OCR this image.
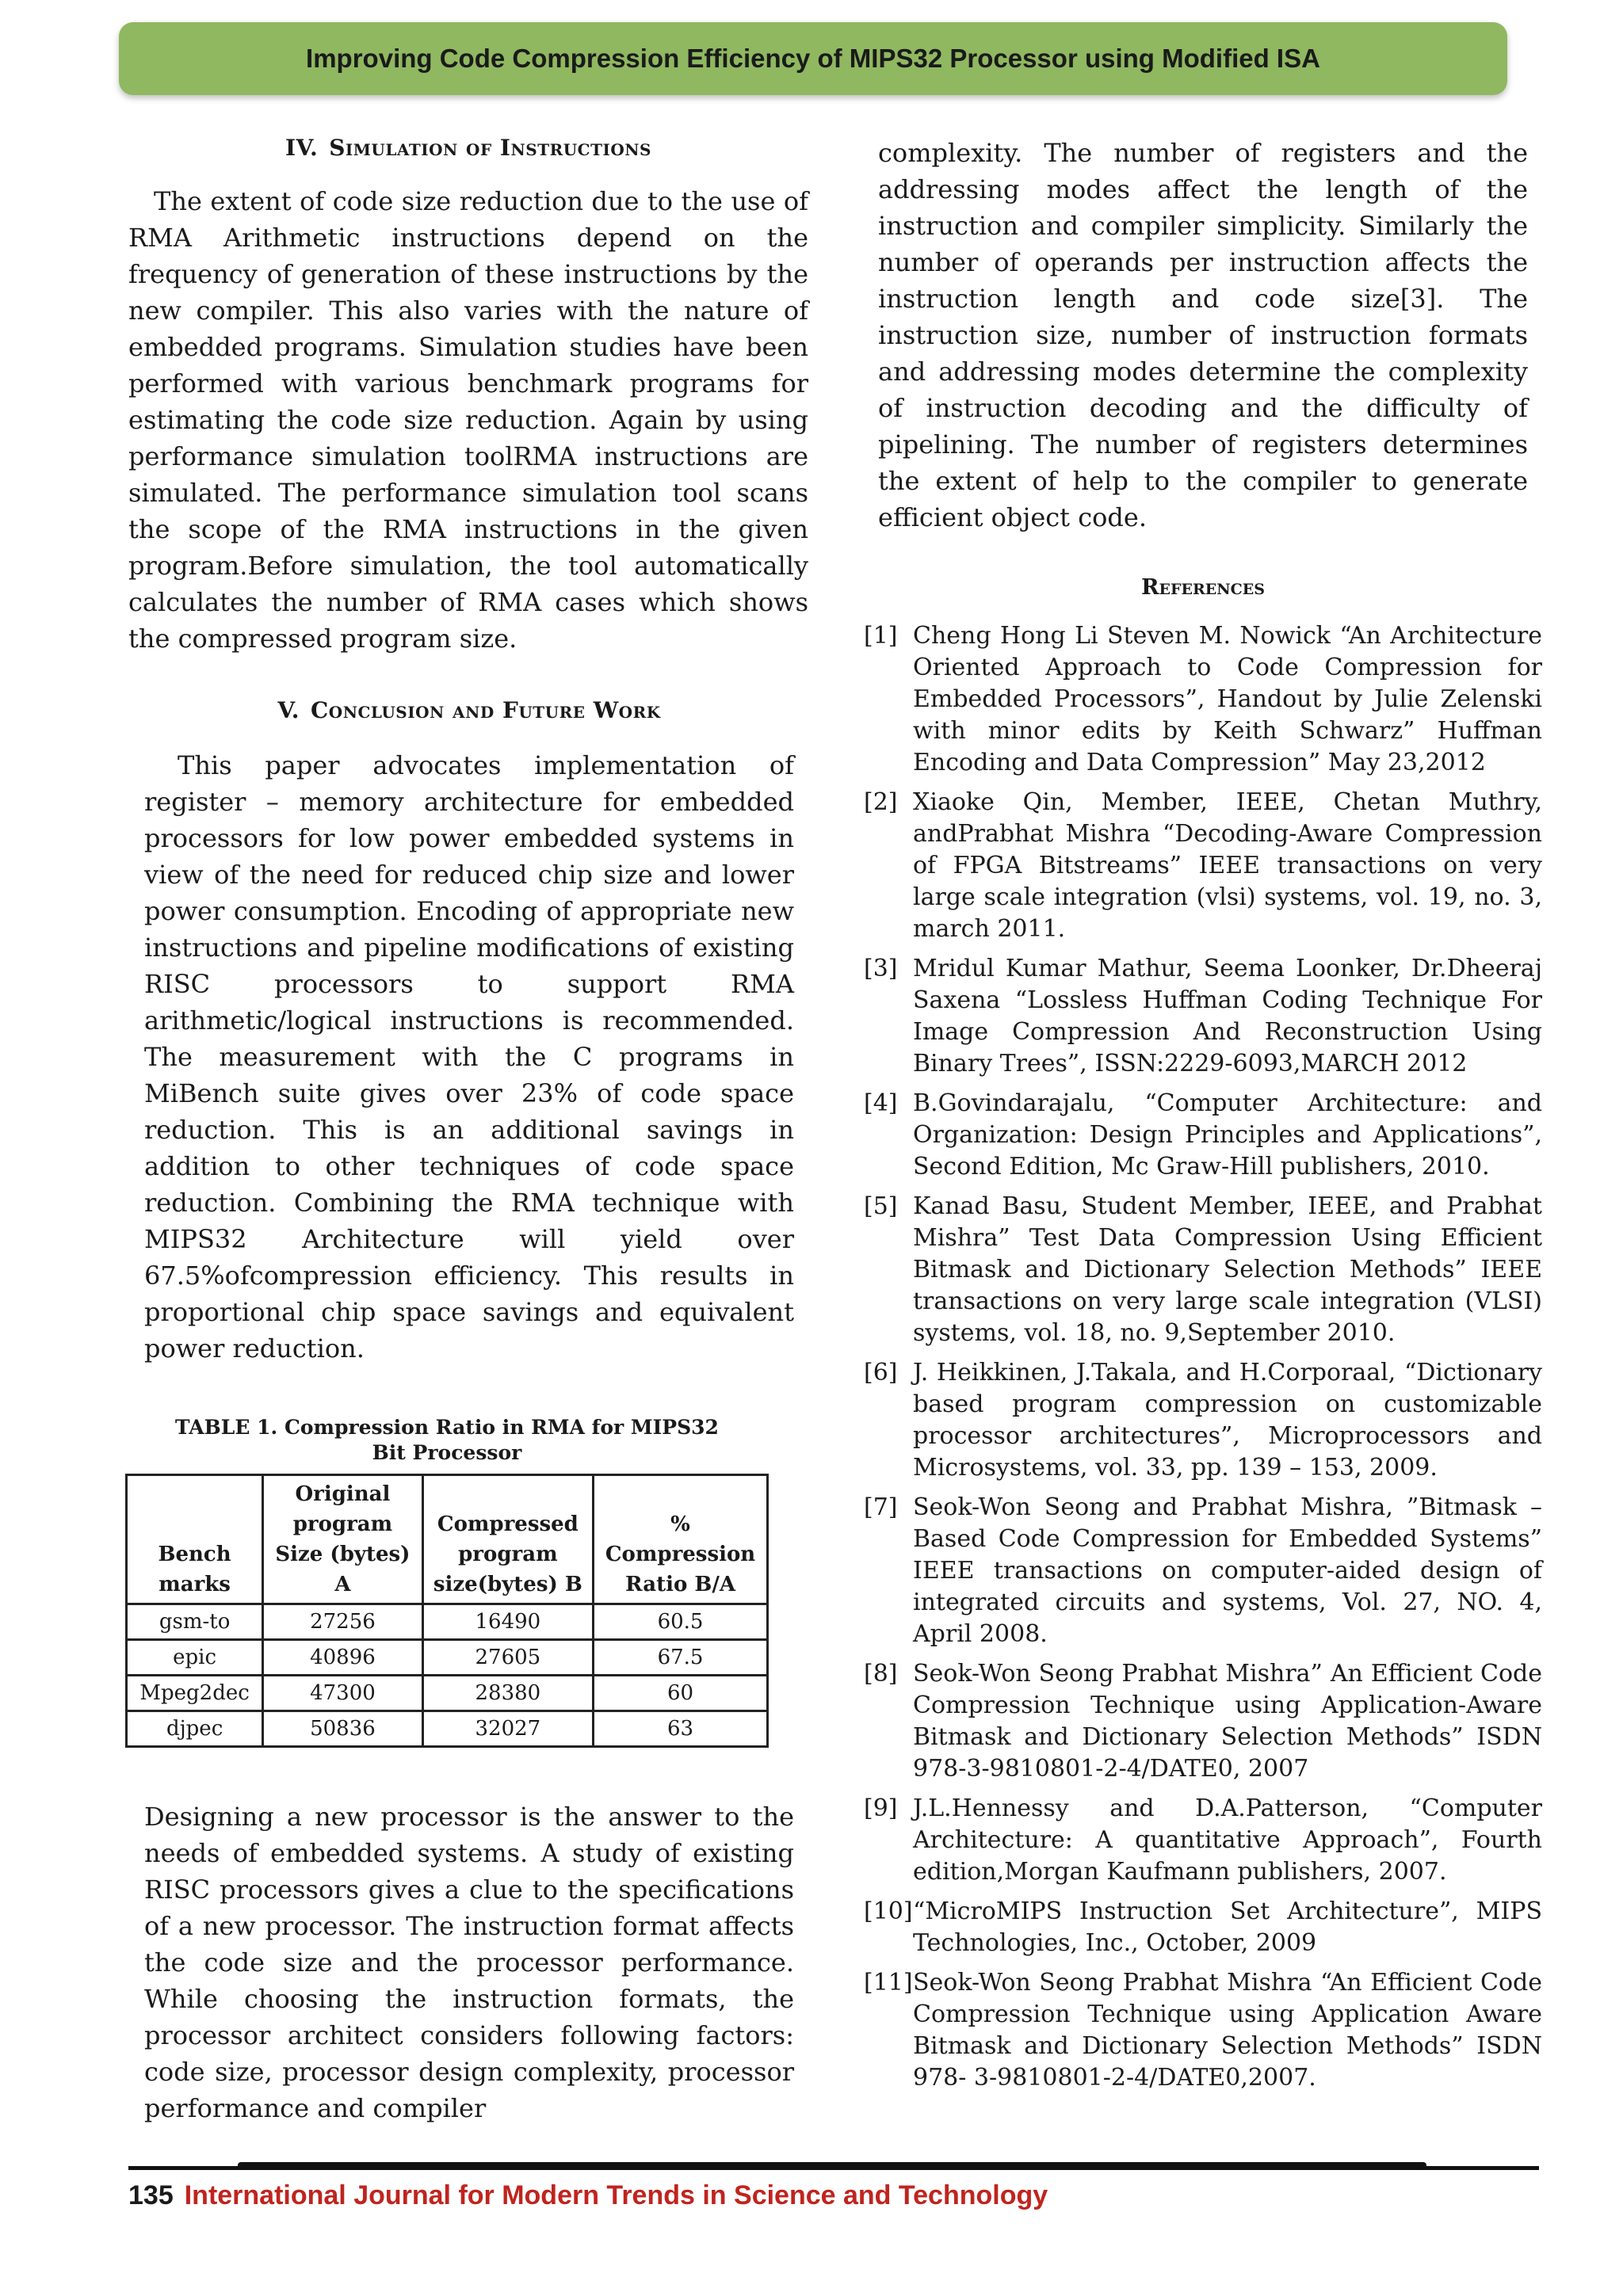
Improving Code Compression Efficiency of MIPS32 Processor using Modified ISA
IV. Simulation of Instructions

The extent of code size reduction due to the use of RMA Arithmetic instructions depend on the frequency of generation of these instructions by the new compiler. This also varies with the nature of embedded programs. Simulation studies have been performed with various benchmark programs for estimating the code size reduction. Again by using performance simulation toolRMA instructions are simulated. The performance simulation tool scans the scope of the RMA instructions in the given program.Before simulation, the tool automatically calculates the number of RMA cases which shows the compressed program size.

V. Conclusion and Future Work

This paper advocates implementation of register – memory architecture for embedded processors for low power embedded systems in view of the need for reduced chip size and lower power consumption. Encoding of appropriate new instructions and pipeline modifications of existing RISC processors to support RMA arithmetic/logical instructions is recommended. The measurement with the C programs in MiBench suite gives over 23% of code space reduction. This is an additional savings in addition to other techniques of code space reduction. Combining the RMA technique with MIPS32 Architecture will yield over 67.5%ofcompression efficiency. This results in proportional chip space savings and equivalent power reduction.

TABLE 1. Compression Ratio in RMA for MIPS32

Bit Processor

Bench marks	Original program Size (bytes) A	Compressed program size(bytes) B	% Compression Ratio B/A
gsm-to	27256	16490	60.5
epic	40896	27605	67.5
Mpeg2dec	47300	28380	60
djpec	50836	32027	63

Designing a new processor is the answer to the needs of embedded systems. A study of existing RISC processors gives a clue to the specifications of a new processor. The instruction format affects the code size and the processor performance. While choosing the instruction formats, the processor architect considers following factors: code size, processor design complexity, processor performance and compiler

complexity. The number of registers and the addressing modes affect the length of the instruction and compiler simplicity. Similarly the number of operands per instruction affects the instruction length and code size[3]. The instruction size, number of instruction formats and addressing modes determine the complexity of instruction decoding and the difficulty of pipelining. The number of registers determines the extent of help to the compiler to generate efficient object code.

References
[1] Cheng Hong Li Steven M. Nowick “An Architecture Oriented Approach to Code Compression for Embedded Processors”, Handout by Julie Zelenski with minor edits by Keith Schwarz” Huffman Encoding and Data Compression” May 23,2012
[2] Xiaoke Qin, Member, IEEE, Chetan Muthry, andPrabhat Mishra “Decoding-Aware Compression of FPGA Bitstreams” IEEE transactions on very large scale integration (vlsi) systems, vol. 19, no. 3, march 2011.
[3] Mridul Kumar Mathur, Seema Loonker, Dr.Dheeraj Saxena “Lossless Huffman Coding Technique For Image Compression And Reconstruction Using Binary Trees”, ISSN:2229-6093,MARCH 2012
[4] B.Govindarajalu, “Computer Architecture: and Organization: Design Principles and Applications”, Second Edition, Mc Graw-Hill publishers, 2010.
[5] Kanad Basu, Student Member, IEEE, and Prabhat Mishra” Test Data Compression Using Efficient Bitmask and Dictionary Selection Methods” IEEE transactions on very large scale integration (VLSI) systems, vol. 18, no. 9,September 2010.
[6] J. Heikkinen, J.Takala, and H.Corporaal, “Dictionary based program compression on customizable processor architectures”, Microprocessors and Microsystems, vol. 33, pp. 139 – 153, 2009.
[7] Seok-Won Seong and Prabhat Mishra, ”Bitmask –Based Code Compression for Embedded Systems” IEEE transactions on computer-aided design of integrated circuits and systems, Vol. 27, NO. 4, April 2008.
[8] Seok-Won Seong Prabhat Mishra” An Efficient Code Compression Technique using Application-Aware Bitmask and Dictionary Selection Methods” ISDN 978-3-9810801-2-4/DATE0, 2007
[9] J.L.Hennessy and D.A.Patterson, “Computer Architecture: A quantitative Approach”, Fourth edition,Morgan Kaufmann publishers, 2007.
[10] “MicroMIPS Instruction Set Architecture”, MIPS Technologies, Inc., October, 2009
[11] Seok-Won Seong Prabhat Mishra “An Efficient Code Compression Technique using Application Aware Bitmask and Dictionary Selection Methods” ISDN 978- 3-9810801-2-4/DATE0,2007.
135 International Journal for Modern Trends in Science and Technology
